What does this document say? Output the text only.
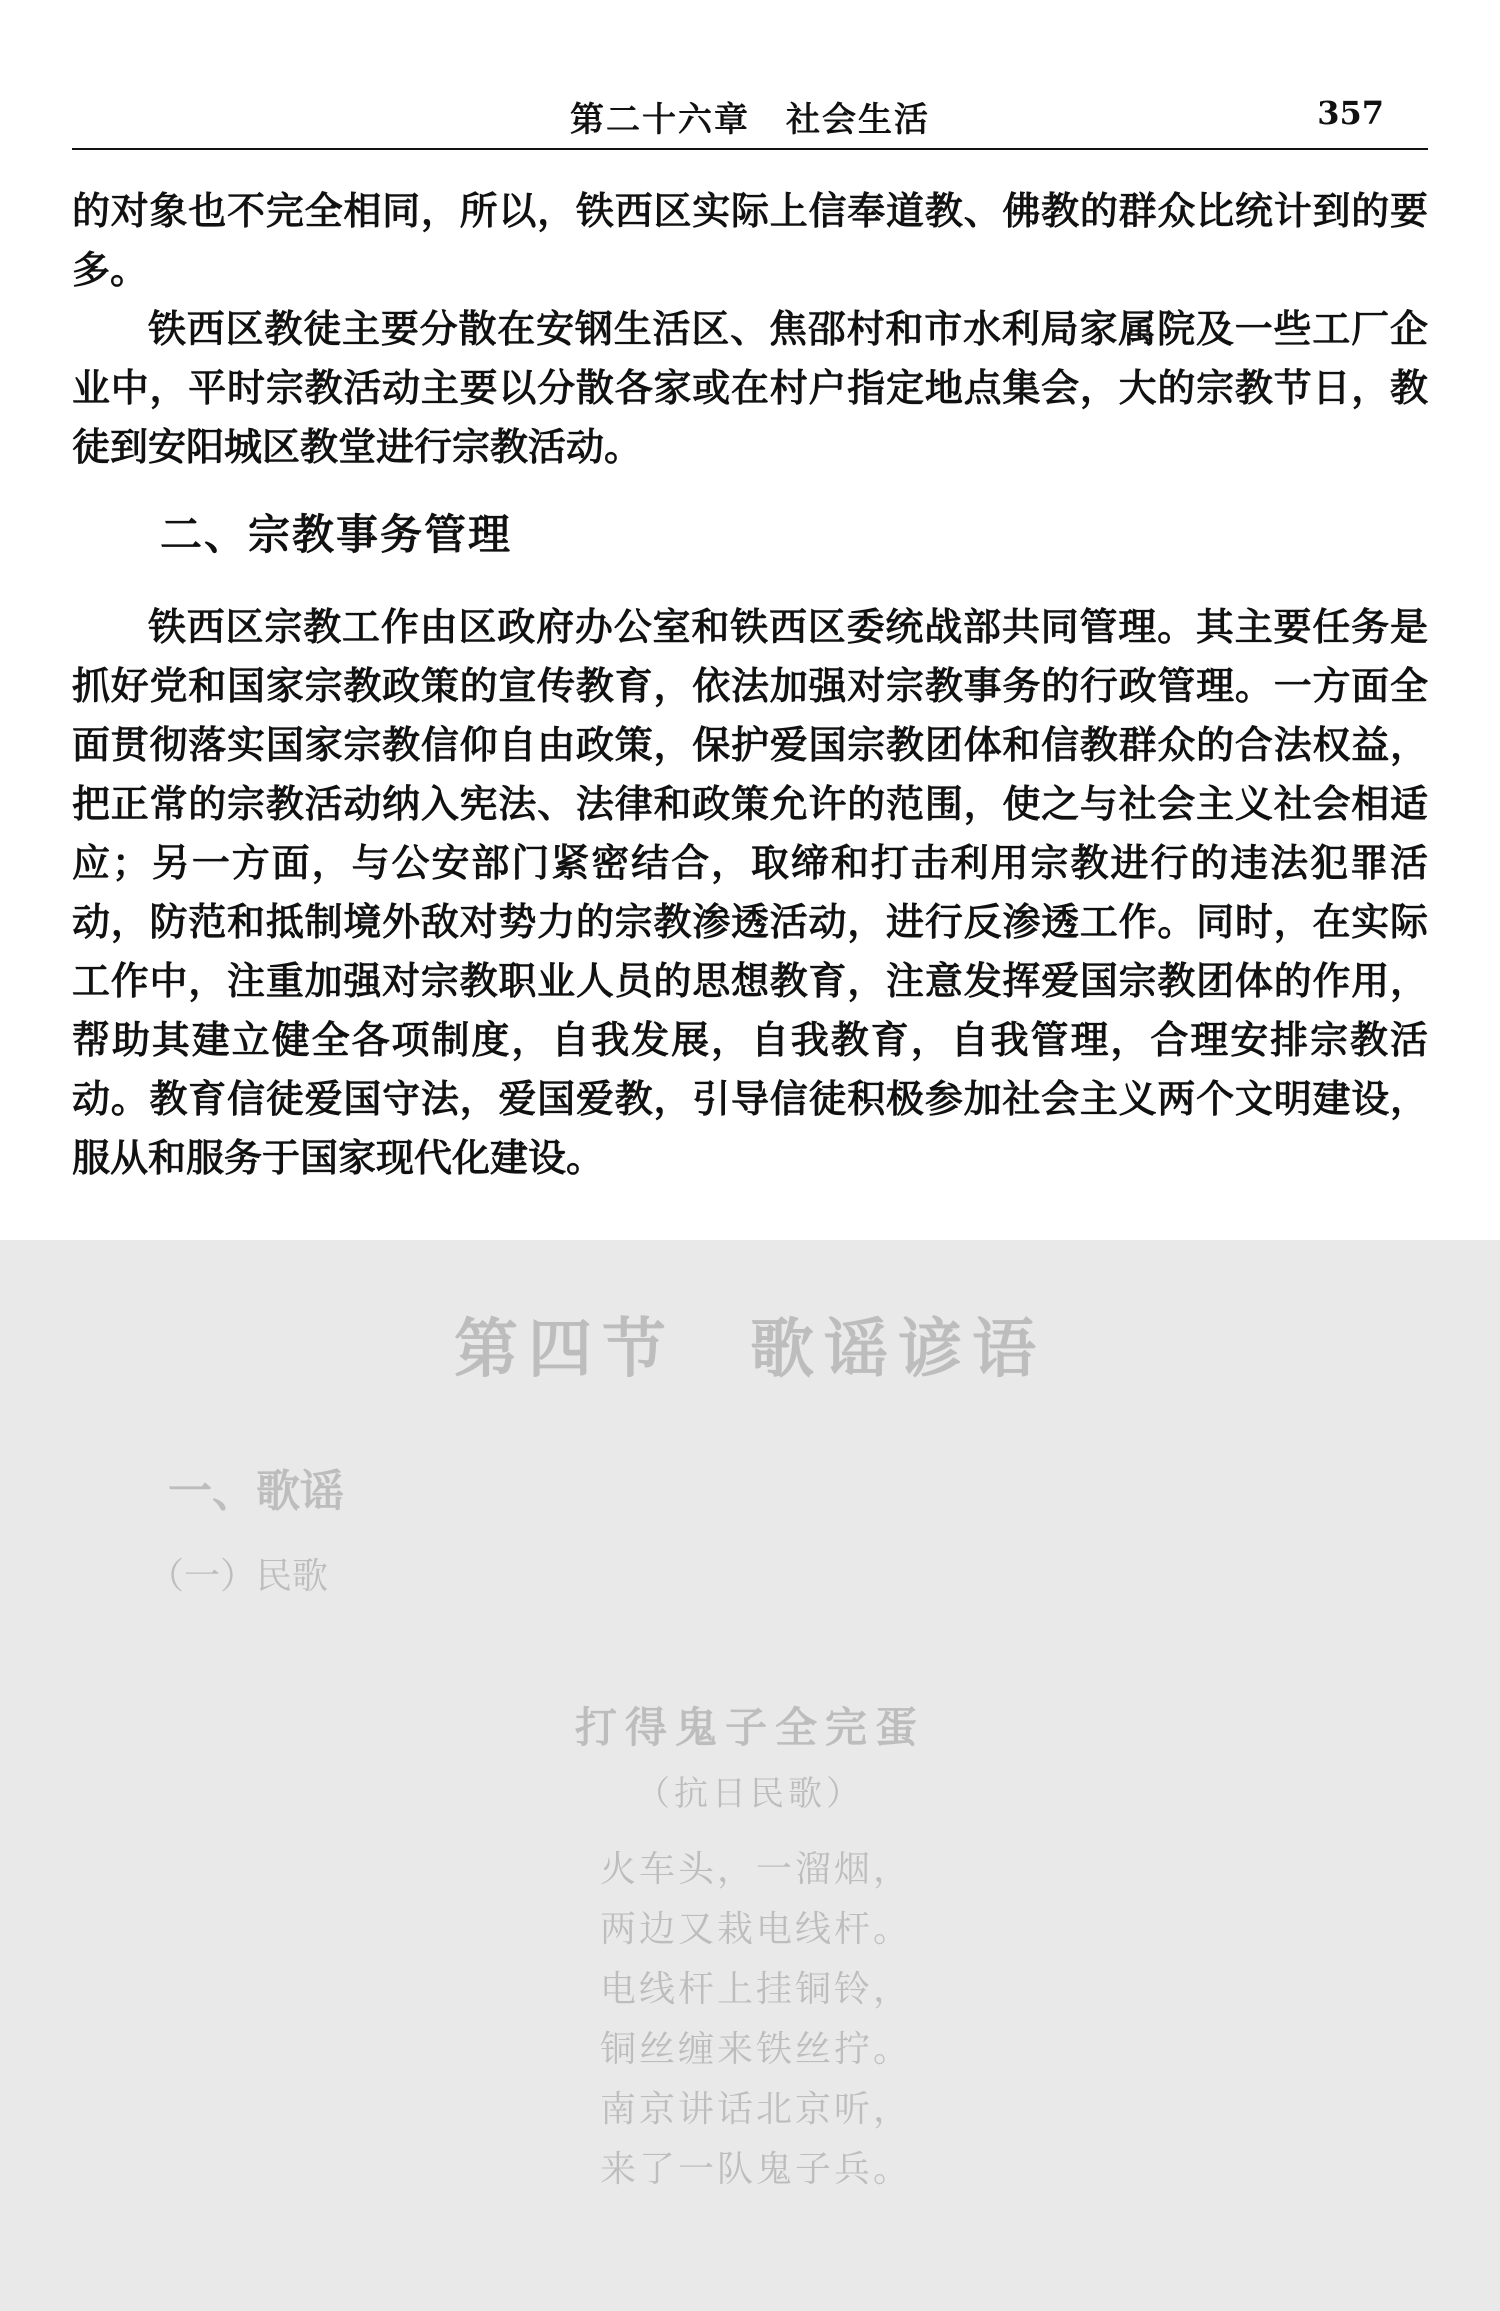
第二十六章　社会生活	357

的对象也不完全相同，所以，铁西区实际上信奉道教、佛教的群众比统计到的要多。

铁西区教徒主要分散在安钢生活区、焦邵村和市水利局家属院及一些工厂企业中，平时宗教活动主要以分散各家或在村户指定地点集会，大的宗教节日，教徒到安阳城区教堂进行宗教活动。

二、宗教事务管理

铁西区宗教工作由区政府办公室和铁西区委统战部共同管理。其主要任务是抓好党和国家宗教政策的宣传教育，依法加强对宗教事务的行政管理。一方面全面贯彻落实国家宗教信仰自由政策，保护爱国宗教团体和信教群众的合法权益，把正常的宗教活动纳入宪法、法律和政策允许的范围，使之与社会主义社会相适应；另一方面，与公安部门紧密结合，取缔和打击利用宗教进行的违法犯罪活动，防范和抵制境外敌对势力的宗教渗透活动，进行反渗透工作。同时，在实际工作中，注重加强对宗教职业人员的思想教育，注意发挥爱国宗教团体的作用，帮助其建立健全各项制度，自我发展，自我教育，自我管理，合理安排宗教活动。教育信徒爱国守法，爱国爱教，引导信徒积极参加社会主义两个文明建设，服从和服务于国家现代化建设。

第四节　歌谣谚语
一、歌谣
（一）民歌
打得鬼子全完蛋
（抗日民歌）
火车头，一溜烟，
两边又栽电线杆。
电线杆上挂铜铃，
铜丝缠来铁丝拧。
南京讲话北京听，
来了一队鬼子兵。
